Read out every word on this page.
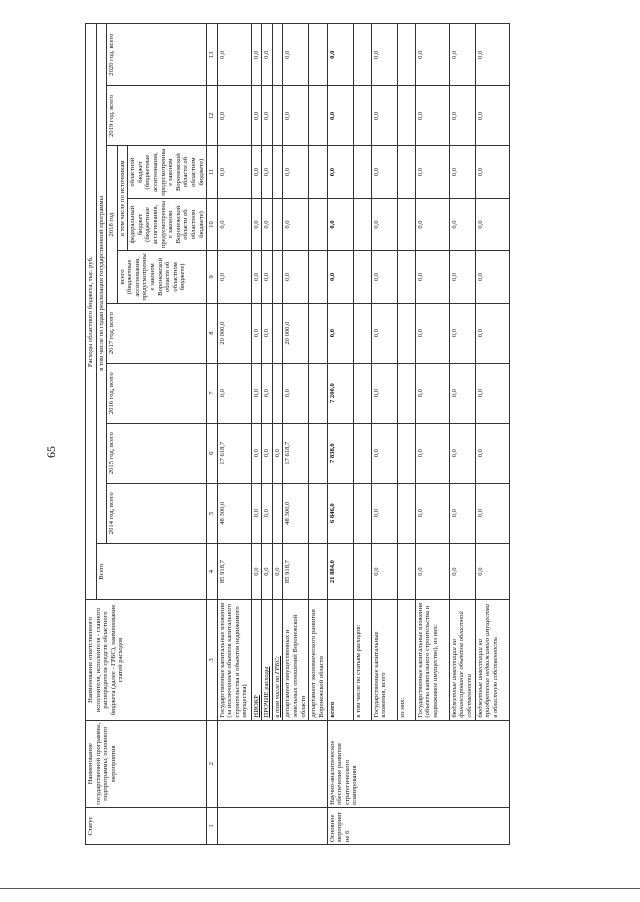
65
Статус	Наименование государственной программы, подпрограммы, основного мероприятия	Наименование ответственного исполнителя, исполнителя - главного распорядителя средств областного бюджета (далее - ГРБС), наименование статей расходов	Расходы областного бюджета, тыс. руб.									
			Всего	в том числе по годам реализации государственной программы								
				2014 год, всего	2015 год, всего	2016 год, всего	2017 год, всего	2018 год			2019 год, всего	2020 год, всего
								всего (бюджетные ассигнования, предусмотренные законом Воронежской области об областном бюджете)	в том числе по источникам			
									федеральный бюджет (бюджетные ассигнования, предусмотренные законом Воронежской области об областном бюджете)	областной бюджет (бюджетные ассигнования, предусмотренные законом Воронежской области об областном бюджете)		
1	2	3	4	5	6	7	8	9	10	11	12	13
		Государственные капитальные вложения (за исключением объектов капитального строительства и объектов недвижимого имущества)	85 918,7	48 300,0	17 618,7	0,0	20 000,0	0,0	0,0	0,0	0,0	0,0
		НИОКР	0,0	0,0	0,0	0,0	0,0	0,0	0,0	0,0	0,0	0,0
		ПРОЧИЕ расходы	0,0	0,0	0,0	0,0	0,0	0,0	0,0	0,0	0,0	0,0
		в том числе по ГРБС:	0,0		0,0							
		департамент имущественных и земельных отношений Воронежской области	85 918,7	48 300,0	17 618,7	0,0	20 000,0	0,0	0,0	0,0	0,0	0,0
		департамент экономического развития Воронежской области										
Основное мероприятие 6	Научно-аналитическое обеспечение развития стратегического планирования	всего	21 884,0	6 846,0	7 838,0	7 200,0	0,0	0,0	0,0	0,0	0,0	0,0
		в том числе по статьям расходов:										
		Государственные капитальные вложения, всего	0,0	0,0	0,0	0,0	0,0	0,0	0,0	0,0	0,0	0,0
		из них:										
		Государственные капитальные вложения (объекты капитального строительства и недвижимое имущество), из них:	0,0	0,0	0,0	0,0	0,0	0,0	0,0	0,0	0,0	0,0
		бюджетные инвестиции на финансирование объектов областной собственности	0,0	0,0	0,0	0,0	0,0	0,0	0,0	0,0	0,0	0,0
		бюджетные инвестиции на приобретение недвижимого имущества в областную собственность	0,0	0,0	0,0	0,0	0,0	0,0	0,0	0,0	0,0	0,0
